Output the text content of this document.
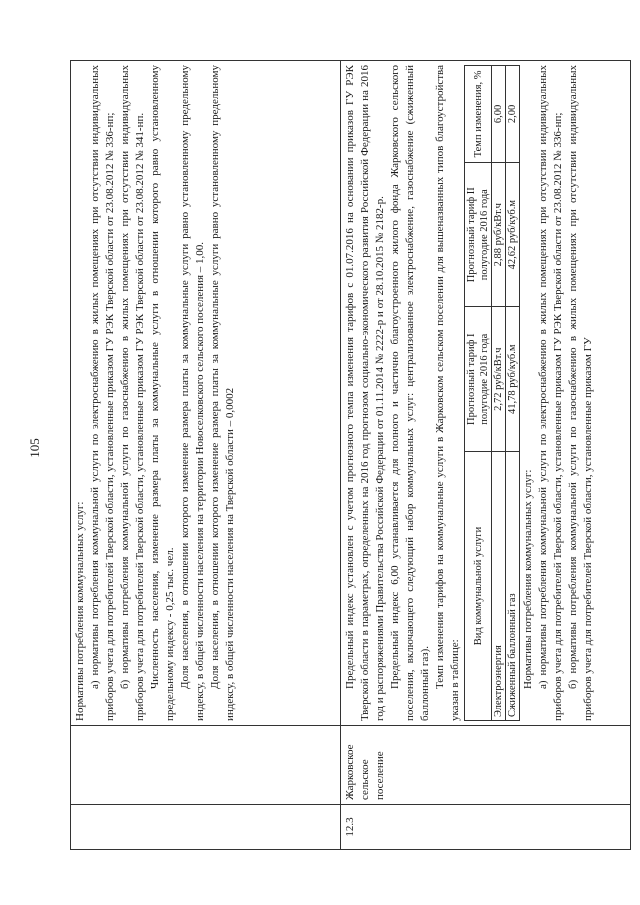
105

Нормативы потребления коммунальных услуг: а) нормативы потребления коммунальной услуги по электроснабжению в жилых помещениях при отсутствии индивидуальных приборов учета для потребителей Тверской области, установленные приказом ГУ РЭК Тверской области от 23.08.2012 № 336-нп; б) нормативы потребления коммунальной услуги по газоснабжению в жилых помещениях при отсутствии индивидуальных приборов учета для потребителей Тверской области, установленные приказом ГУ РЭК Тверской области от 23.08.2012 № 341-нп. Численность населения, изменение размера платы за коммунальные услуги в отношении которого равно установленному предельному индексу - 0,25 тыс. чел. Доля населения, в отношении которого изменение размера платы за коммунальные услуги равно установленному предельному индексу, в общей численности населения на территории Новоселковского сельского поселения – 1,00. Доля населения, в отношении которого изменение размера платы за коммунальные услуги равно установленному предельному индексу, в общей численности населения на Тверской области – 0,0002

12.3	Жарковское сельское поселение	

Предельный индекс установлен с учетом прогнозного темпа изменения тарифов с 01.07.2016 на основании приказов ГУ РЭК Тверской области в параметрах, определенных на 2016 год прогнозом социально-экономического развития Российской Федерации на 2016 год и распоряжениями Правительства Российской Федерации от 01.11.2014 № 2222-р и от 28.10.2015 № 2182-р. Предельный индекс 6,00 устанавливается для полного и частично благоустроенного жилого фонда Жарковского сельского поселения, включающего следующий набор коммунальных услуг: централизованное электроснабжение, газоснабжение (сжиженный баллонный газ). Темп изменения тарифов на коммунальные услуги в Жарковском сельском поселении для вышеназванных типов благоустройства указан в таблице:

Вид коммунальной услуги	Прогнозный тариф I полугодие 2016 года	Прогнозный тариф II полугодие 2016 года	Темп изменения, %
Электроэнергия	2,72 руб/кВт.ч	2,88 руб/кВт.ч	6,00
Сжиженный баллонный газ	41,78 руб/куб.м	42,62 руб/куб.м	2,00

Нормативы потребления коммунальных услуг: а) нормативы потребления коммунальной услуги по электроснабжению в жилых помещениях при отсутствии индивидуальных приборов учета для потребителей Тверской области, установленные приказом ГУ РЭК Тверской области от 23.08.2012 № 336-нп; б) нормативы потребления коммунальной услуги по газоснабжению в жилых помещениях при отсутствии индивидуальных приборов учета для потребителей Тверской области, установленные приказом ГУ
